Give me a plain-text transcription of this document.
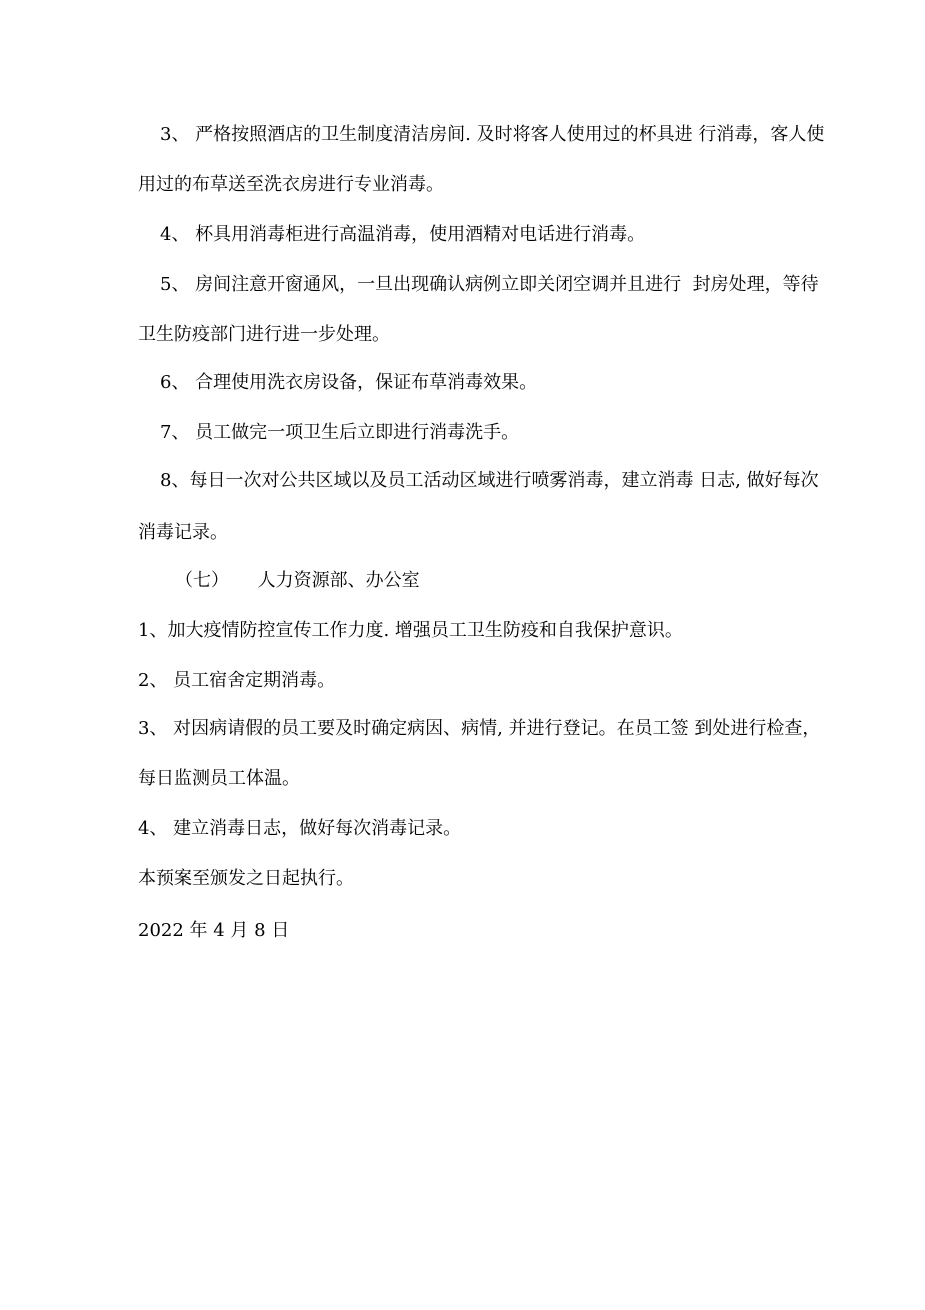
3、 严格按照酒店的卫生制度清洁房间. 及时将客人使用过的杯具进 行消毒，客人使
用过的布草送至洗衣房进行专业消毒。
4、 杯具用消毒柜进行高温消毒，使用酒精对电话进行消毒。
5、 房间注意开窗通风，一旦出现确认病例立即关闭空调并且进行  封房处理，等待
卫生防疫部门进行进一步处理。
6、 合理使用洗衣房设备，保证布草消毒效果。
7、 员工做完一项卫生后立即进行消毒洗手。
8、每日一次对公共区域以及员工活动区域进行喷雾消毒，建立消毒 日志, 做好每次
消毒记录。
（七）     人力资源部、办公室
1、加大疫情防控宣传工作力度. 增强员工卫生防疫和自我保护意识。
2、 员工宿舍定期消毒。
3、 对因病请假的员工要及时确定病因、病情, 并进行登记。在员工签 到处进行检查，
每日监测员工体温。
4、 建立消毒日志，做好每次消毒记录。
本预案至颁发之日起执行。
2022 年 4 月 8 日
